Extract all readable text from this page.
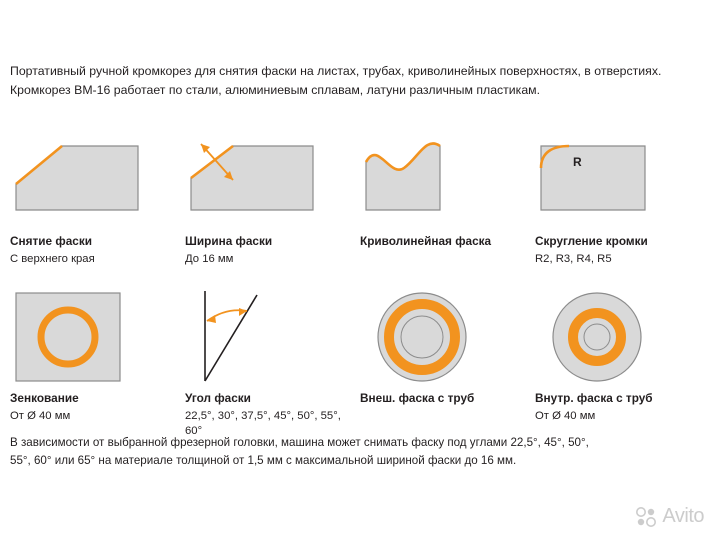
Портативный ручной кромкорез для снятия фаски на листах, трубах, криволинейных поверхностях, в отверстиях.
Кромкорез ВМ-16 работает по стали, алюминиевым сплавам, латуни различным пластикам.
Снятие фаски
С верхнего края
Ширина фаски
До 16 мм
Криволинейная фаска
R
Скругление кромки
R2, R3, R4, R5
Зенкование
От Ø 40 мм
Угол фаски
22,5°, 30°, 37,5°, 45°, 50°, 55°, 60°
Внеш. фаска с труб	Внутр. фаска с труб
От Ø 40 мм
В зависимости от выбранной фрезерной головки, машина может снимать фаску под углами 22,5°, 45°, 50°,
55°, 60° или 65° на материале толщиной от 1,5 мм с максимальной шириной фаски до 16 мм.
Avito
